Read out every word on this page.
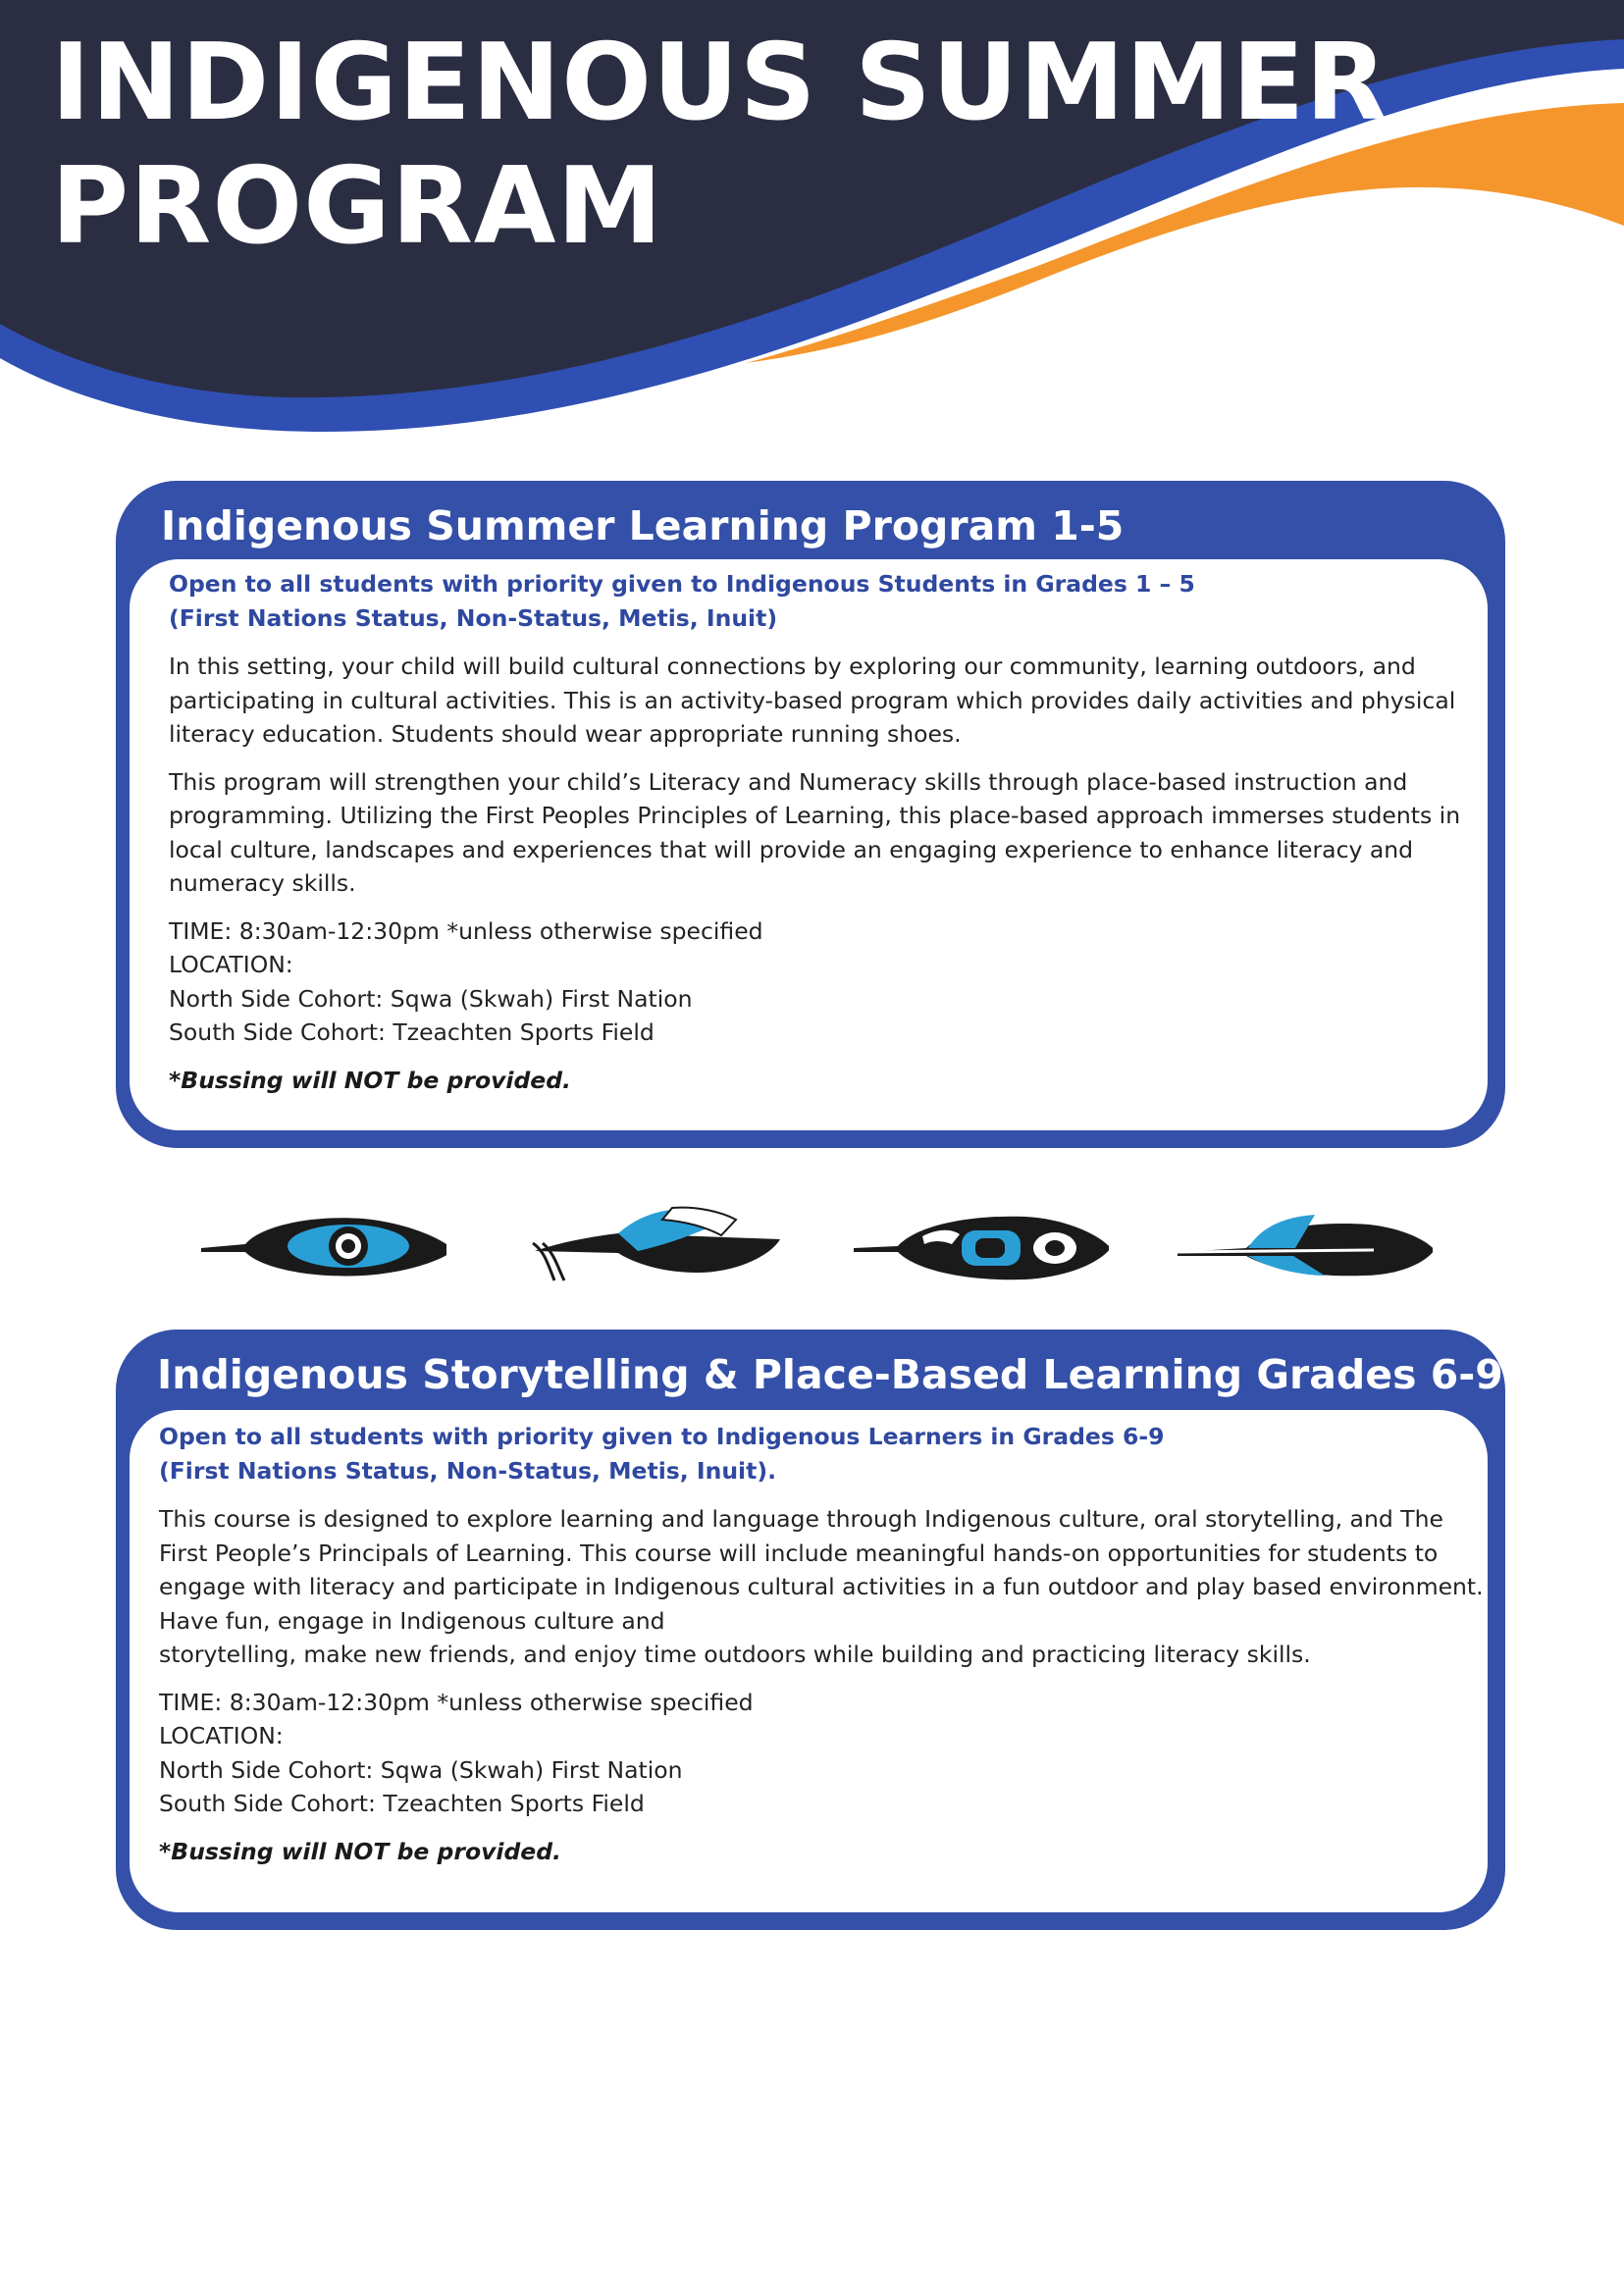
INDIGENOUS SUMMER
PROGRAM
Indigenous Summer Learning Program 1-5

Open to all students with priority given to Indigenous Students in Grades 1 – 5
(First Nations Status, Non-Status, Metis, Inuit)

In this setting, your child will build cultural connections by exploring our community, learning outdoors, and participating in cultural activities. This is an activity-based program which provides daily activities and physical literacy education. Students should wear appropriate running shoes.

This program will strengthen your child’s Literacy and Numeracy skills through place-based instruction and programming. Utilizing the First Peoples Principles of Learning, this place-based approach immerses students in local culture, landscapes and experiences that will provide an engaging experience to enhance literacy and numeracy skills.

TIME: 8:30am-12:30pm *unless otherwise specified
LOCATION:
North Side Cohort: Sqwa (Skwah) First Nation
South Side Cohort: Tzeachten Sports Field

*Bussing will NOT be provided.

Indigenous Storytelling & Place-Based Learning Grades 6-9

Open to all students with priority given to Indigenous Learners in Grades 6-9
(First Nations Status, Non-Status, Metis, Inuit).

This course is designed to explore learning and language through Indigenous culture, oral storytelling, and The First People’s Principals of Learning. This course will include meaningful hands-on opportunities for students to engage with literacy and participate in Indigenous cultural activities in a fun outdoor and play based environment. Have fun, engage in Indigenous culture and
storytelling, make new friends, and enjoy time outdoors while building and practicing literacy skills.

TIME: 8:30am-12:30pm *unless otherwise specified
LOCATION:
North Side Cohort: Sqwa (Skwah) First Nation
South Side Cohort: Tzeachten Sports Field

*Bussing will NOT be provided.
